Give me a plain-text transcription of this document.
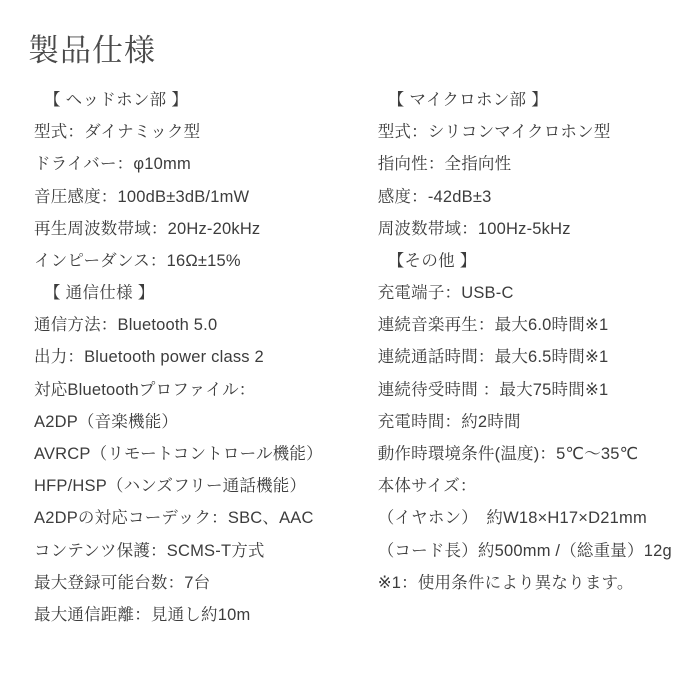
製品仕様
【 ヘッドホン部 】
型式：ダイナミック型
ドライバー：φ10mm
音圧感度：100dB±3dB/1mW
再生周波数帯域：20Hz-20kHz
インピーダンス：16Ω±15%
【 通信仕様 】
通信方法：Bluetooth 5.0
出力：Bluetooth power class 2
対応Bluetoothプロファイル：
A2DP（音楽機能）
AVRCP（リモートコントロール機能）
HFP/HSP（ハンズフリー通話機能）
A2DPの対応コーデック：SBC、AAC
コンテンツ保護：SCMS-T方式
最大登録可能台数：7台
最大通信距離：見通し約10m
【 マイクロホン部 】
型式：シリコンマイクロホン型
指向性：全指向性
感度：-42dB±3
周波数帯域：100Hz-5kHz
【その他 】
充電端子：USB-C
連続音楽再生：最大6.0時間※1
連続通話時間：最大6.5時間※1
連続待受時間 ：最大75時間※1
充電時間：約2時間
動作時環境条件(温度)：5℃〜35℃
本体サイズ：
（イヤホン）　約W18×H17×D21mm
（コード長）約500mm /（総重量）12g
※1：使用条件により異なります。
